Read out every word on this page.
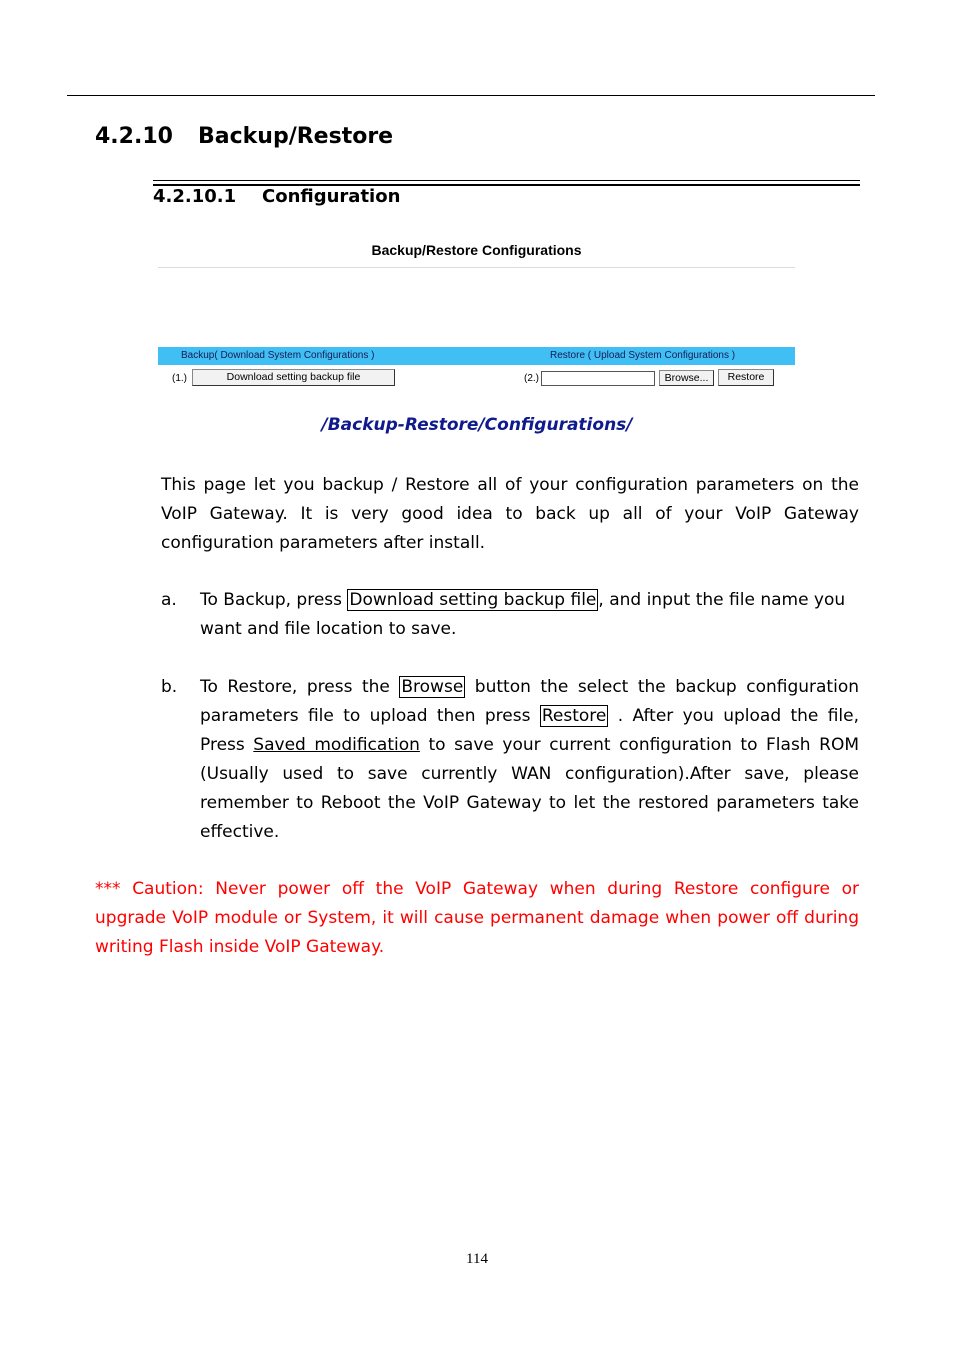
4.2.10 Backup/Restore
4.2.10.1 Configuration
Backup/Restore Configurations
Backup( Download System Configurations )	Restore ( Upload System Configurations )
(1.)	Download setting backup file	(2.)	Browse...	Restore
/Backup-Restore/Configurations/
This page let you backup / Restore all of your configuration parameters on the VoIP Gateway. It is very good idea to back up all of your VoIP Gateway configuration parameters after install.
a. To Backup, press Download setting backup file , and input the file name you want and file location to save.
b. To Restore, press the Browse button the select the backup configuration parameters file to upload then press Restore . After you upload the file, Press Saved modification to save your current configuration to Flash ROM (Usually used to save currently WAN configuration).After save, please remember to Reboot the VoIP Gateway to let the restored parameters take effective.
*** Caution: Never power off the VoIP Gateway when during Restore configure or upgrade VoIP module or System, it will cause permanent damage when power off during writing Flash inside VoIP Gateway.
114
